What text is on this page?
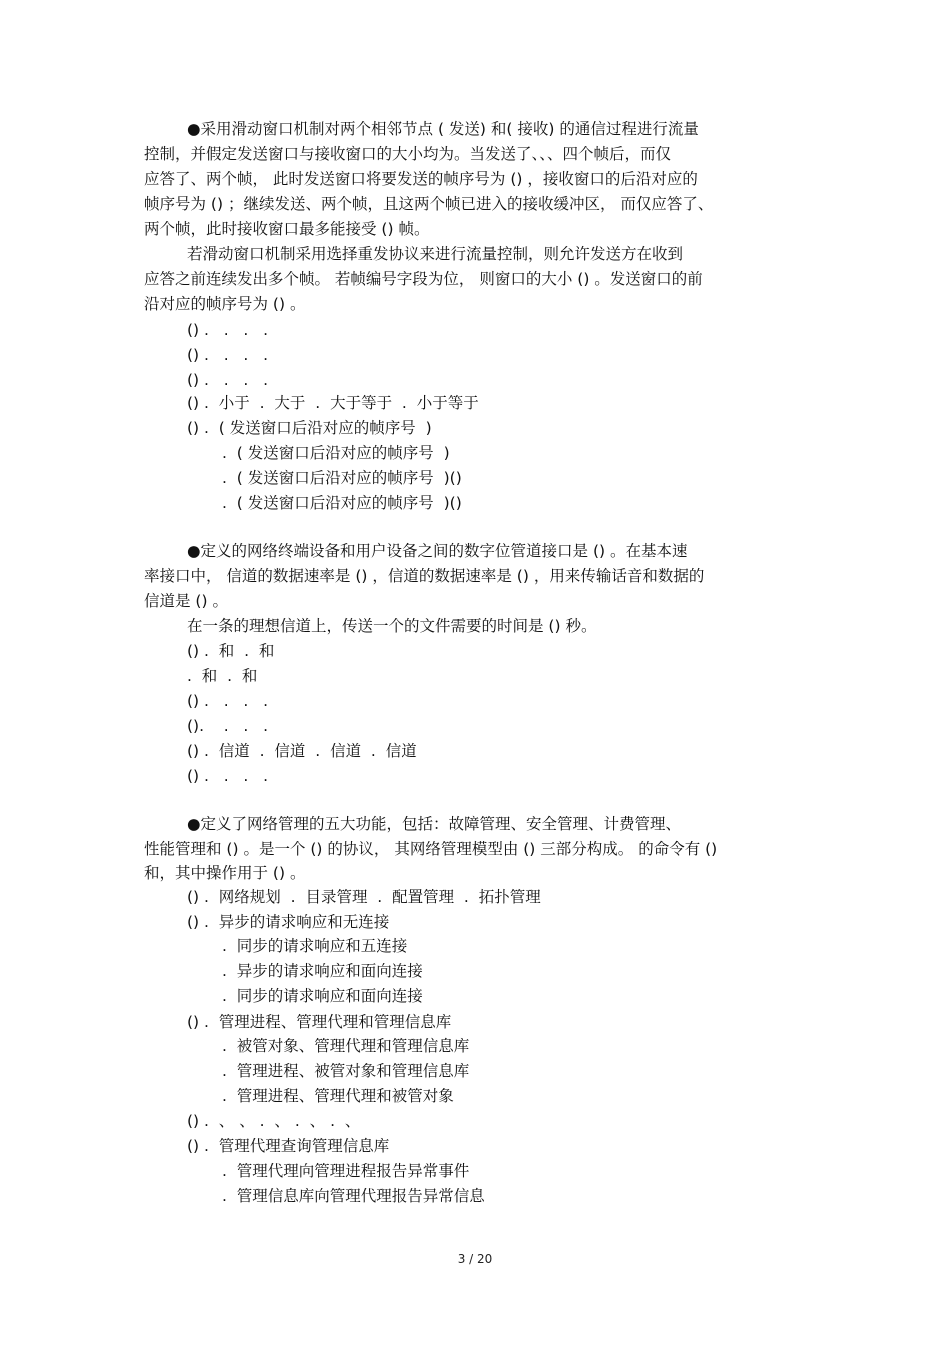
●采用滑动窗口机制对两个相邻节点 ( 发送) 和( 接收) 的通信过程进行流量
控制，并假定发送窗口与接收窗口的大小均为。当发送了、、、四个帧后，而仅
应答了、两个帧， 此时发送窗口将要发送的帧序号为 () ，接收窗口的后沿对应的
帧序号为 () ；继续发送、两个帧，且这两个帧已进入的接收缓冲区， 而仅应答了、
两个帧，此时接收窗口最多能接受 () 帧。
若滑动窗口机制采用选择重发协议来进行流量控制，则允许发送方在收到
应答之前连续发出多个帧。 若帧编号字段为位， 则窗口的大小 () 。发送窗口的前
沿对应的帧序号为 () 。
() .   .   .   .
() .   .   .   .
() .   .   .   .
() .  小于  .  大于  .  大于等于  .  小于等于
() .  ( 发送窗口后沿对应的帧序号  )
.  ( 发送窗口后沿对应的帧序号  )
.  ( 发送窗口后沿对应的帧序号  )()
.  ( 发送窗口后沿对应的帧序号  )()
●定义的网络终端设备和用户设备之间的数字位管道接口是 () 。在基本速
率接口中， 信道的数据速率是 () ，信道的数据速率是 () ，用来传输话音和数据的
信道是 () 。
在一条的理想信道上，传送一个的文件需要的时间是 () 秒。
() .  和  .  和
.  和  .  和
() .   .   .   .
().    .   .   .
() .  信道  .  信道  .  信道  .  信道
() .   .   .   .
●定义了网络管理的五大功能，包括：故障管理、安全管理、计费管理、
性能管理和 () 。是一个 () 的协议， 其网络管理模型由 () 三部分构成。 的命令有 ()
和，其中操作用于 () 。
() .  网络规划  .  目录管理  .  配置管理  .  拓扑管理
() .  异步的请求响应和无连接
.  同步的请求响应和五连接
.  异步的请求响应和面向连接
.  同步的请求响应和面向连接
() .  管理进程、管理代理和管理信息库
.  被管对象、管理代理和管理信息库
.  管理进程、被管对象和管理信息库
.  管理进程、管理代理和被管对象
() .  、 、 .  、 .  、 .  、
() .  管理代理查询管理信息库
.  管理代理向管理进程报告异常事件
.  管理信息库向管理代理报告异常信息
3 / 20
